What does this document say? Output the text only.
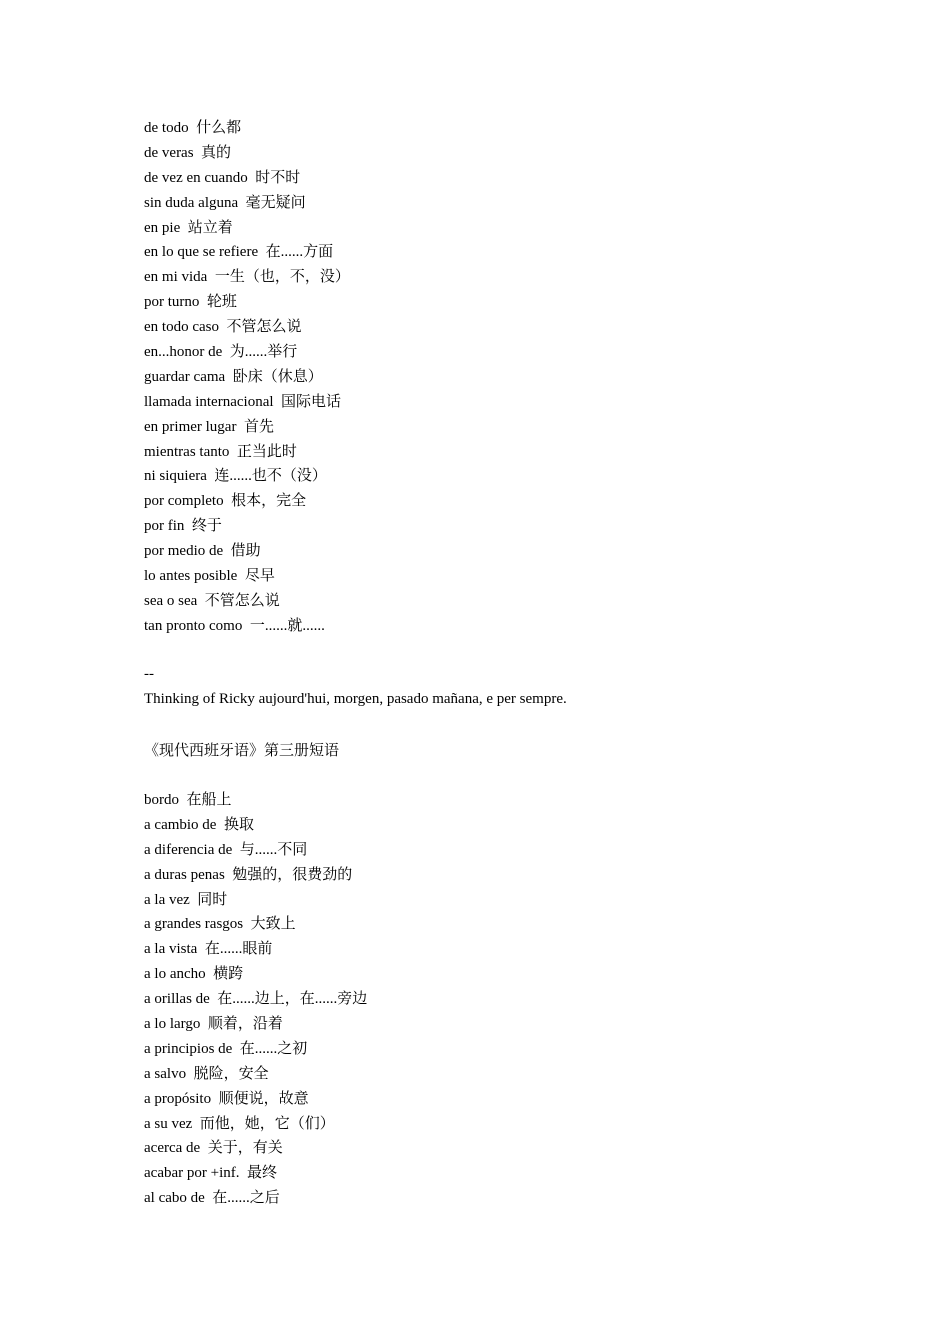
de todo  什么都
de veras  真的
de vez en cuando  时不时
sin duda alguna  毫无疑问
en pie  站立着
en lo que se refiere  在......方面
en mi vida  一生（也，不，没）
por turno  轮班
en todo caso  不管怎么说
en...honor de  为......举行
guardar cama  卧床（休息）
llamada internacional  国际电话
en primer lugar  首先
mientras tanto  正当此时
ni siquiera  连......也不（没）
por completo  根本，完全
por fin  终于
por medio de  借助
lo antes posible  尽早
sea o sea  不管怎么说
tan pronto como  一......就......

--

Thinking of Ricky aujourd'hui, morgen, pasado mañana, e per sempre.

《现代西班牙语》第三册短语

bordo  在船上
a cambio de  换取
a diferencia de  与......不同
a duras penas  勉强的，很费劲的
a la vez  同时
a grandes rasgos  大致上
a la vista  在......眼前
a lo ancho  横跨
a orillas de  在......边上，在......旁边
a lo largo  顺着，沿着
a principios de  在......之初
a salvo  脱险，安全
a propósito  顺便说，故意
a su vez  而他，她，它（们）
acerca de  关于，有关
acabar por +inf.  最终
al cabo de  在......之后
